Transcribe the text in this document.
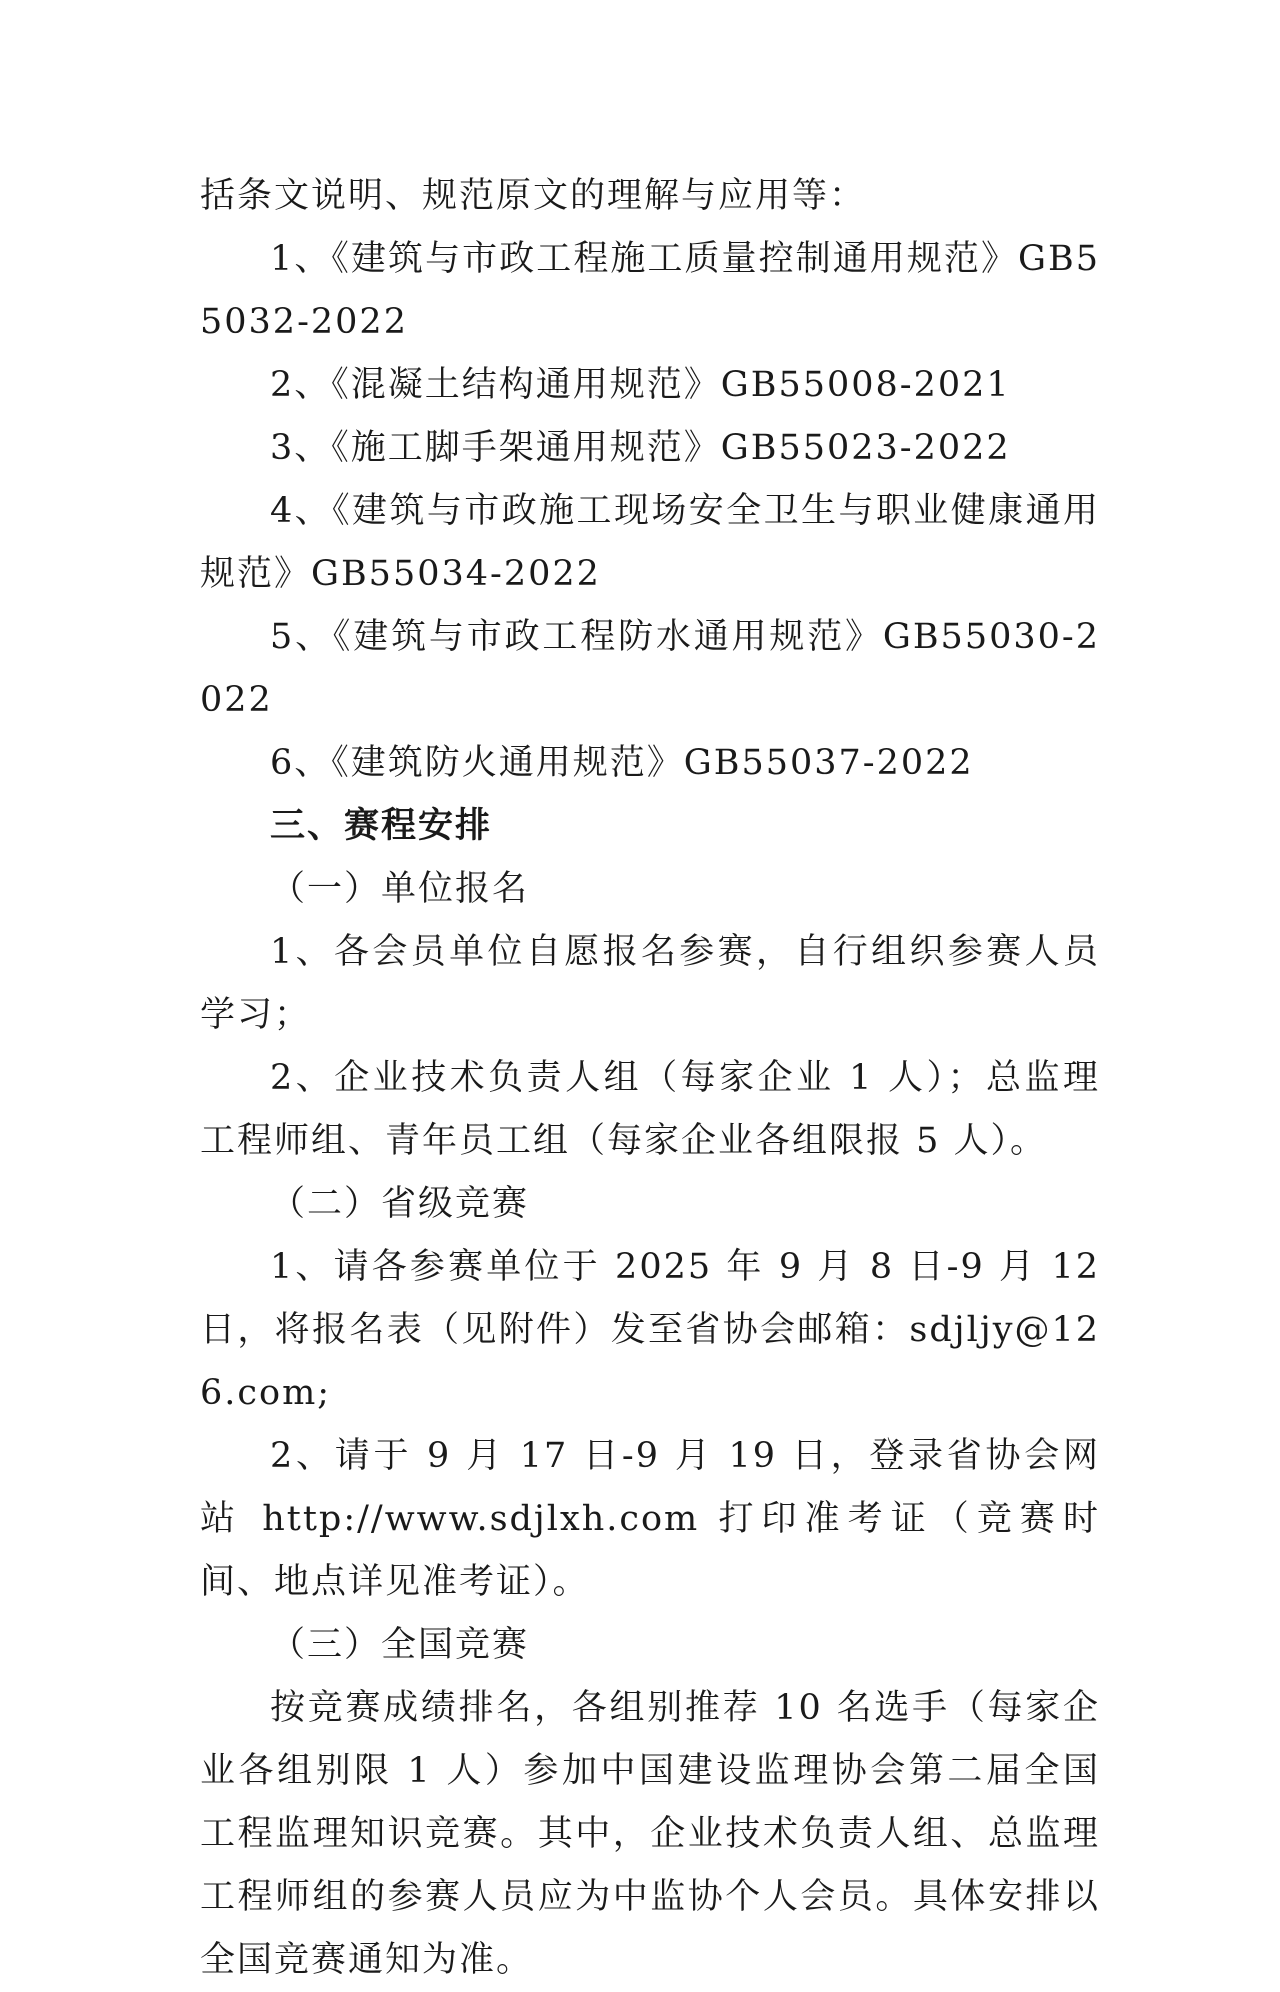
括条文说明、规范原文的理解与应用等：

1、《建筑与市政工程施工质量控制通用规范》GB55032-2022

2、《混凝土结构通用规范》GB55008-2021

3、《施工脚手架通用规范》GB55023-2022

4、《建筑与市政施工现场安全卫生与职业健康通用规范》GB55034-2022

5、《建筑与市政工程防水通用规范》GB55030-2022

6、《建筑防火通用规范》GB55037-2022

三、赛程安排

（一）单位报名

1、各会员单位自愿报名参赛，自行组织参赛人员学习；

2、企业技术负责人组（每家企业 1 人）；总监理工程师组、青年员工组（每家企业各组限报 5 人）。

（二）省级竞赛

1、请各参赛单位于 2025 年 9 月 8 日-9 月 12 日，将报名表（见附件）发至省协会邮箱：sdjljy@126.com;

2、请于 9 月 17 日-9 月 19 日，登录省协会网站 http://www.sdjlxh.com 打印准考证（竞赛时间、地点详见准考证）。

（三）全国竞赛

按竞赛成绩排名，各组别推荐 10 名选手（每家企业各组别限 1 人）参加中国建设监理协会第二届全国工程监理知识竞赛。其中，企业技术负责人组、总监理工程师组的参赛人员应为中监协个人会员。具体安排以全国竞赛通知为准。
